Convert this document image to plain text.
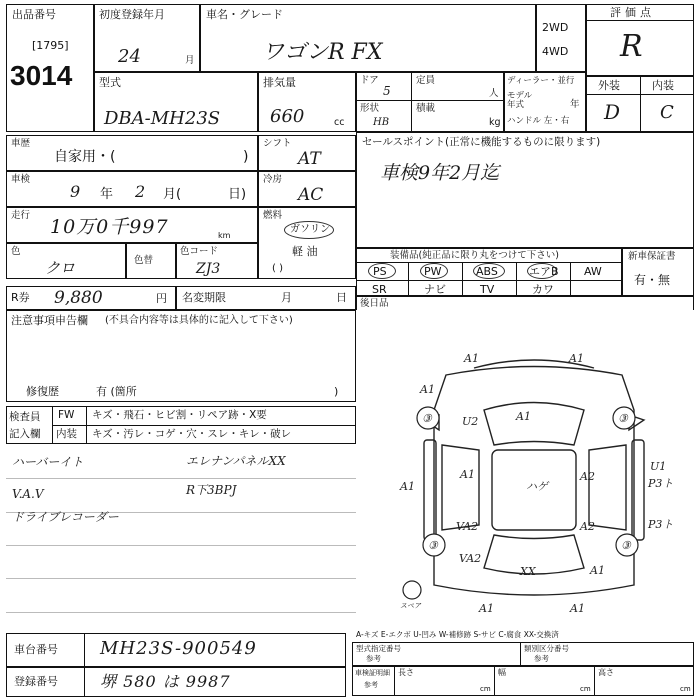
出品番号
[1795]
3014
初度登録年月
24	月
車名・グレード
ワゴンR FX
2WD
4WD
評価点
R
型式
DBA-MH23S
排気量
660	cc
ドア
5
定員
人
形状
HB
積載
kg
ディーラー・並行
モデル年式	年
ハンドル 左・右
外装	内装
D C
車歴
自家用・(	)
シフト
AT
車検
9 年 2 月(	日)
冷房
AC
走行
10万0千997	km
燃料
ガソリン
軽 油
( )
色
クロ	色替
色コード
ZJ3
R券 9,880	円 名変期限	月	日
注意事項申告欄 (不具合内容等は具体的に記入して下さい)
修復歴	有 (箇所	)
検査員記入欄
FW キズ・飛石・ヒビ割・リペア跡・X要
内装 キズ・汚レ・コゲ・穴・スレ・キレ・破レ
ハーバーイト
V.A.V
ドライブレコーダー
エレナンパネルXX
R下3BPJ
セールスポイント(正常に機能するものに限ります)
車検9年2月迄
装備品(純正品に限り丸をつけて下さい)
PS	PW	ABS	エアB AW
SR	ナビ	TV	カワ
新車保証書
有・無
後日品
A1	A1
A1
U2	A1
③	③
A1	A2
U1
P3ト
A1
A2	P3ト
VA2
③	③
VA2
XX	A1
A1	A1
ハゲ
スペア
A-キズ E-エクボ U-凹み W-補修跡 S-サビ C-腐食 XX-交換済
車台番号 MH23S-900549
登録番号	堺 580 は 9987
型式指定番号
参考
類別区分番号
参考
車検証明細
参考
長さ
cm
幅
cm
高さ
cm
